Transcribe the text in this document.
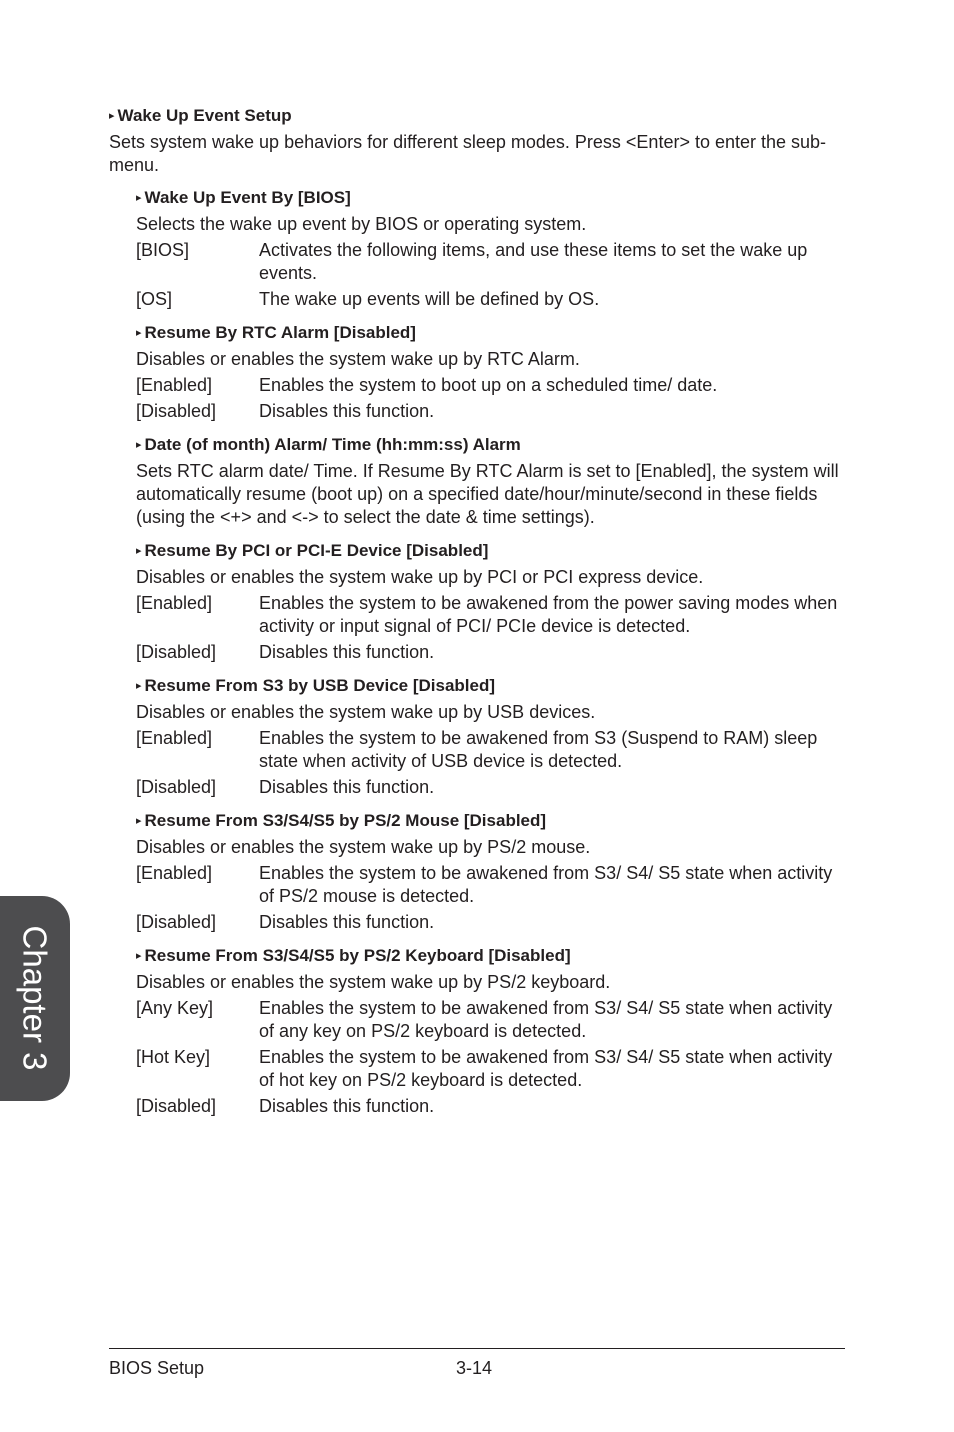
▸ Wake Up Event Setup
Sets system wake up behaviors for different sleep modes. Press <Enter> to enter the sub-menu.
▸ Wake Up Event By [BIOS]
Selects the wake up event by BIOS or operating system.
[BIOS]	Activates the following items, and use these items to set the wake up events.
[OS]	The wake up events will be defined by OS.
▸ Resume By RTC Alarm [Disabled]
Disables or enables the system wake up by RTC Alarm.
[Enabled]	Enables the system to boot up on a scheduled time/ date.
[Disabled]	Disables this function.
▸ Date (of month) Alarm/ Time (hh:mm:ss) Alarm
Sets RTC alarm date/ Time. If Resume By RTC Alarm is set to [Enabled], the system will automatically resume (boot up) on a specified date/hour/minute/second in these fields (using the <+> and <-> to select the date & time settings).
▸ Resume By PCI or PCI-E Device [Disabled]
Disables or enables the system wake up by PCI or PCI express device.
[Enabled]	Enables the system to be awakened from the power saving modes when activity or input signal of PCI/ PCIe device is detected.
[Disabled]	Disables this function.
▸ Resume From S3 by USB Device [Disabled]
Disables or enables the system wake up by USB devices.
[Enabled]	Enables the system to be awakened from S3 (Suspend to RAM) sleep state when activity of USB device is detected.
[Disabled]	Disables this function.
▸ Resume From S3/S4/S5 by PS/2 Mouse [Disabled]
Disables or enables the system wake up by PS/2 mouse.
[Enabled]	Enables the system to be awakened from S3/ S4/ S5 state when activity of PS/2 mouse is detected.
[Disabled]	Disables this function.
▸ Resume From S3/S4/S5 by PS/2 Keyboard [Disabled]
Disables or enables the system wake up by PS/2 keyboard.
[Any Key]	Enables the system to be awakened from S3/ S4/ S5 state when activity of any key on PS/2 keyboard is detected.
[Hot Key]	Enables the system to be awakened from S3/ S4/ S5 state when activity of hot key on PS/2 keyboard is detected.
[Disabled]	Disables this function.
Chapter 3
BIOS Setup	3-14
